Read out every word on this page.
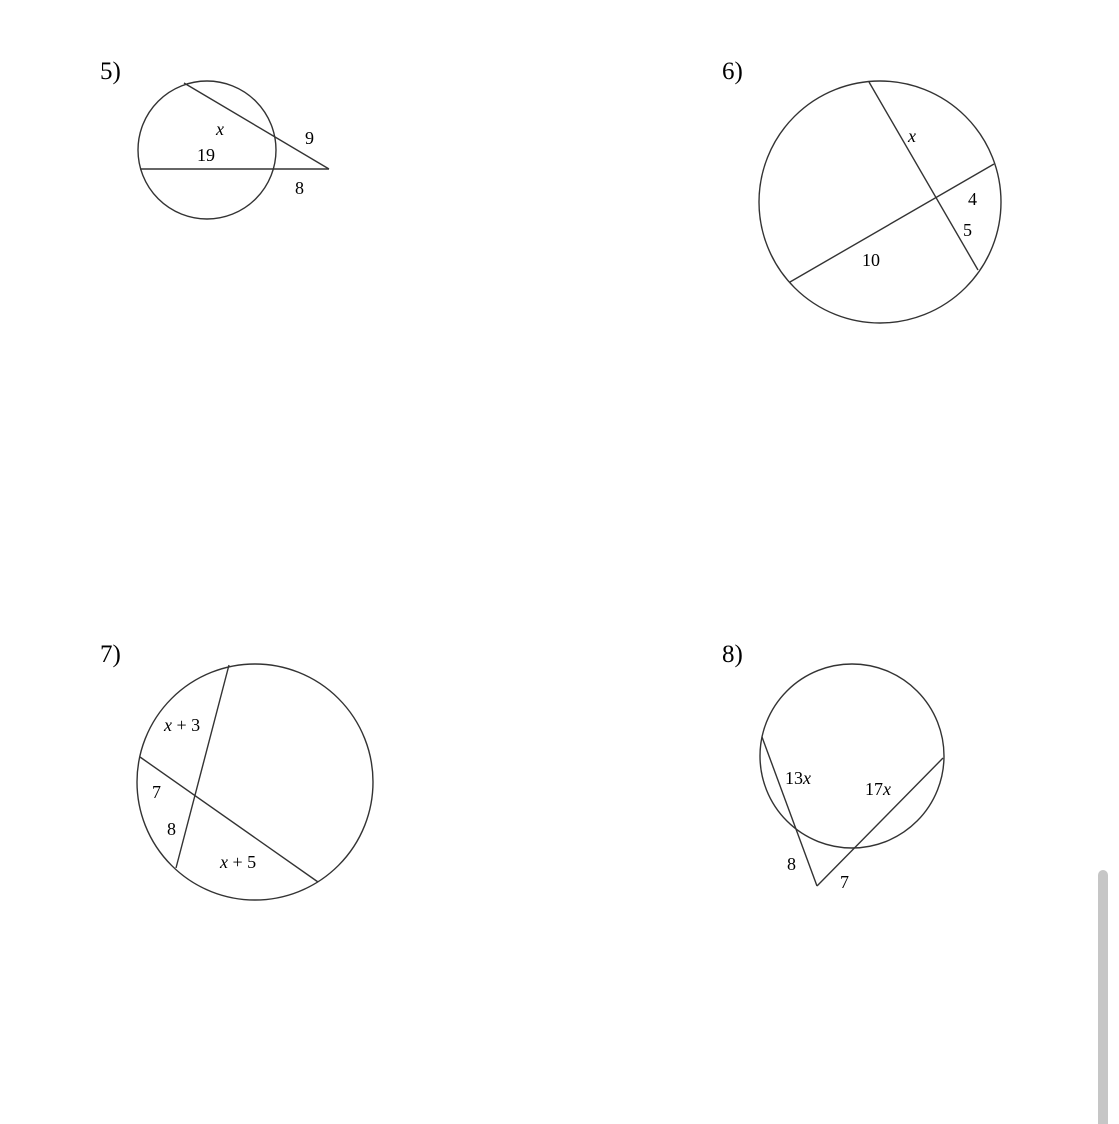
5)	6)
7)	8)
x
19
9
8
x
4
5
10
x + 3
7
8
x + 5
13x
17x
8
7
